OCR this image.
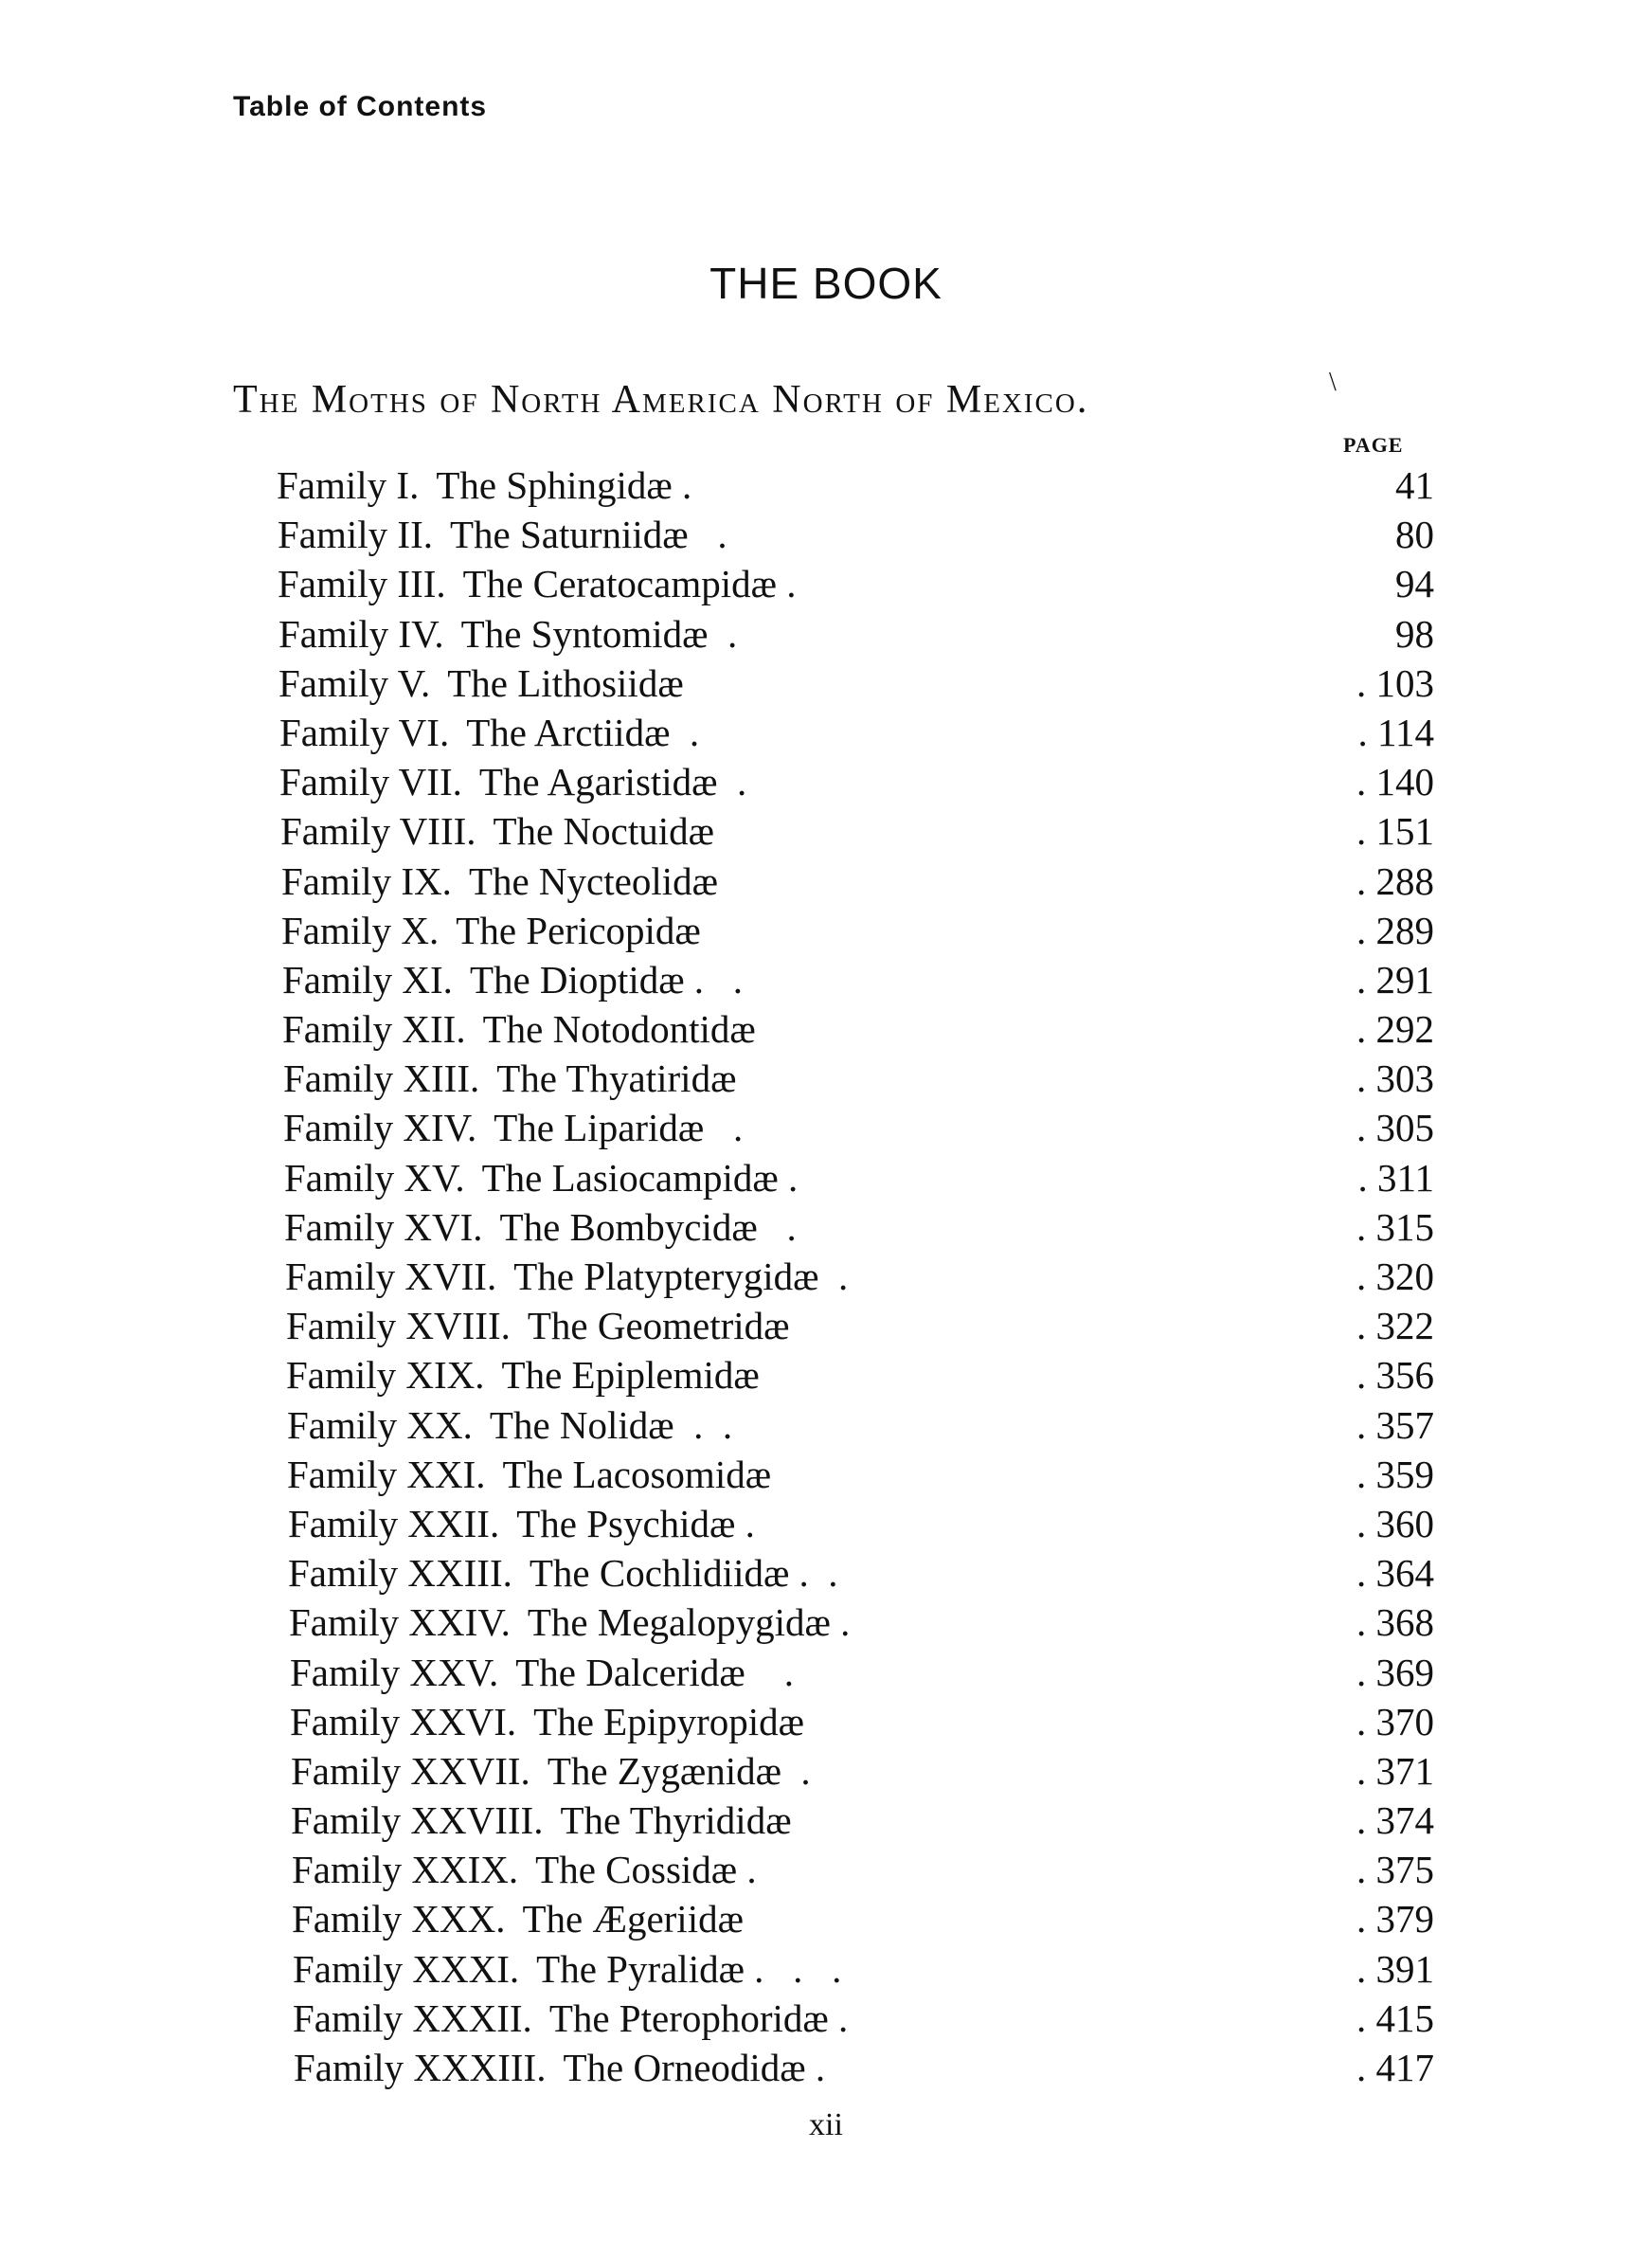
Table of Contents
THE BOOK
The Moths of North America North of Mexico.	\
PAGE
Family I. The Sphingidæ .	41
Family II. The Saturniidæ   .	80
Family III. The Ceratocampidæ .	94
Family IV. The Syntomidæ  .	98
Family V. The Lithosiidæ	. 103
Family VI. The Arctiidæ  .	. 114
Family VII. The Agaristidæ  .	. 140
Family VIII. The Noctuidæ	. 151
Family IX. The Nycteolidæ	. 288
Family X. The Pericopidæ	. 289
Family XI. The Dioptidæ .   .	. 291
Family XII. The Notodontidæ	. 292
Family XIII. The Thyatiridæ	. 303
Family XIV. The Liparidæ   .	. 305
Family XV. The Lasiocampidæ .	. 311
Family XVI. The Bombycidæ   .	. 315
Family XVII. The Platypterygidæ  .	. 320
Family XVIII. The Geometridæ	. 322
Family XIX. The Epiplemidæ	. 356
Family XX. The Nolidæ  .  .	. 357
Family XXI. The Lacosomidæ	. 359
Family XXII. The Psychidæ .	. 360
Family XXIII. The Cochlidiidæ .  .	. 364
Family XXIV. The Megalopygidæ .	. 368
Family XXV. The Dalceridæ    .	. 369
Family XXVI. The Epipyropidæ	. 370
Family XXVII. The Zygænidæ  .	. 371
Family XXVIII. The Thyrididæ	. 374
Family XXIX. The Cossidæ .	. 375
Family XXX. The Ægeriidæ	. 379
Family XXXI. The Pyralidæ .   .   .	. 391
Family XXXII. The Pterophoridæ .	. 415
Family XXXIII. The Orneodidæ .	. 417
xii
